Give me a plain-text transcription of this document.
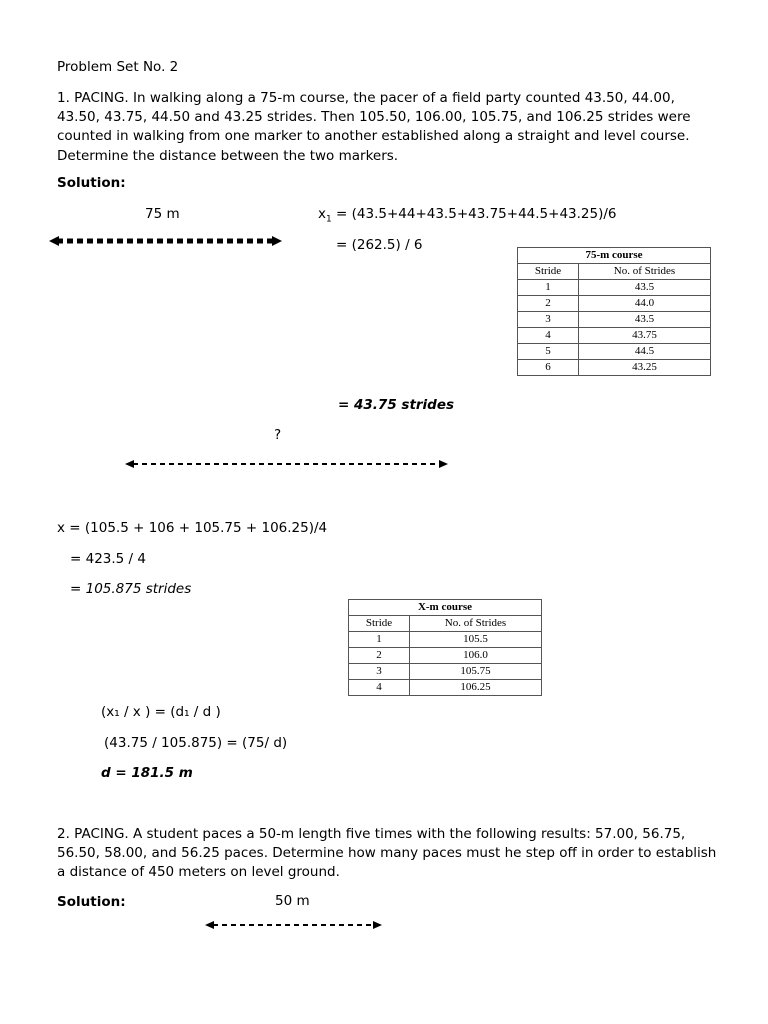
Problem Set No. 2
1. PACING. In walking along a 75-m course, the pacer of a field party counted 43.50, 44.00, 43.50, 43.75, 44.50 and 43.25 strides. Then 105.50, 106.00, 105.75, and 106.25 strides were counted in walking from one marker to another established along a straight and level course. Determine the distance between the two markers.
Solution:
75 m	$x_1 = (43.5+44+43.5+43.75+44.5+43.25)/6$
= (262.5) / 6
= 43.75 strides
75-m course	
Stride	No. of Strides
1	43.5
2	44.0
3	43.5
4	43.75
5	44.5
6	43.25
?
x = (105.5 + 106 + 105.75 + 106.25)/4
= 423.5 / 4
= 105.875 strides
X-m course	
Stride	No. of Strides
1	105.5
2	106.0
3	105.75
4	106.25
(x₁ / x ) = (d₁ / d )
(43.75 / 105.875) = (75/ d)
d = 181.5 m
2. PACING. A student paces a 50-m length five times with the following results: 57.00, 56.75, 56.50, 58.00, and 56.25 paces. Determine how many paces must he step off in order to establish a distance of 450 meters on level ground.
Solution:	50 m
